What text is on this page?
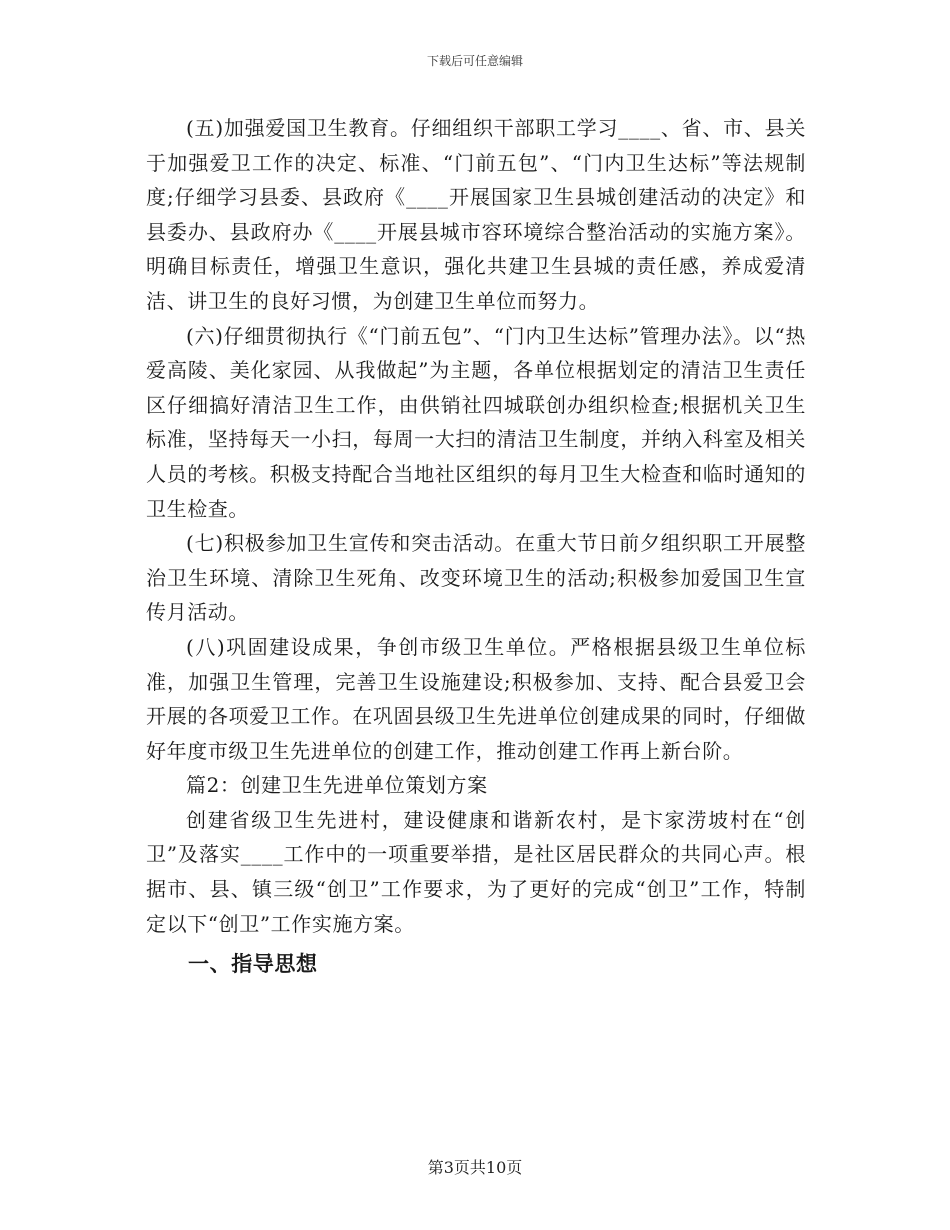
下载后可任意编辑

(五)加强爱国卫生教育。仔细组织干部职工学习____、省、市、县关于加强爱卫工作的决定、标准、“门前五包”、“门内卫生达标”等法规制度;仔细学习县委、县政府《____开展国家卫生县城创建活动的决定》和县委办、县政府办《____开展县城市容环境综合整治活动的实施方案》。明确目标责任，增强卫生意识，强化共建卫生县城的责任感，养成爱清洁、讲卫生的良好习惯，为创建卫生单位而努力。

(六)仔细贯彻执行《“门前五包”、“门内卫生达标”管理办法》。以“热爱高陵、美化家园、从我做起”为主题，各单位根据划定的清洁卫生责任区仔细搞好清洁卫生工作，由供销社四城联创办组织检查;根据机关卫生标准，坚持每天一小扫，每周一大扫的清洁卫生制度，并纳入科室及相关人员的考核。积极支持配合当地社区组织的每月卫生大检查和临时通知的卫生检查。

(七)积极参加卫生宣传和突击活动。在重大节日前夕组织职工开展整治卫生环境、清除卫生死角、改变环境卫生的活动;积极参加爱国卫生宣传月活动。

(八)巩固建设成果，争创市级卫生单位。严格根据县级卫生单位标准，加强卫生管理，完善卫生设施建设;积极参加、支持、配合县爱卫会开展的各项爱卫工作。在巩固县级卫生先进单位创建成果的同时，仔细做好年度市级卫生先进单位的创建工作，推动创建工作再上新台阶。

篇2：创建卫生先进单位策划方案

创建省级卫生先进村，建设健康和谐新农村，是卞家涝坡村在“创卫”及落实____工作中的一项重要举措，是社区居民群众的共同心声。根据市、县、镇三级“创卫”工作要求，为了更好的完成“创卫”工作，特制定以下“创卫”工作实施方案。

一、指导思想

第3页共10页
